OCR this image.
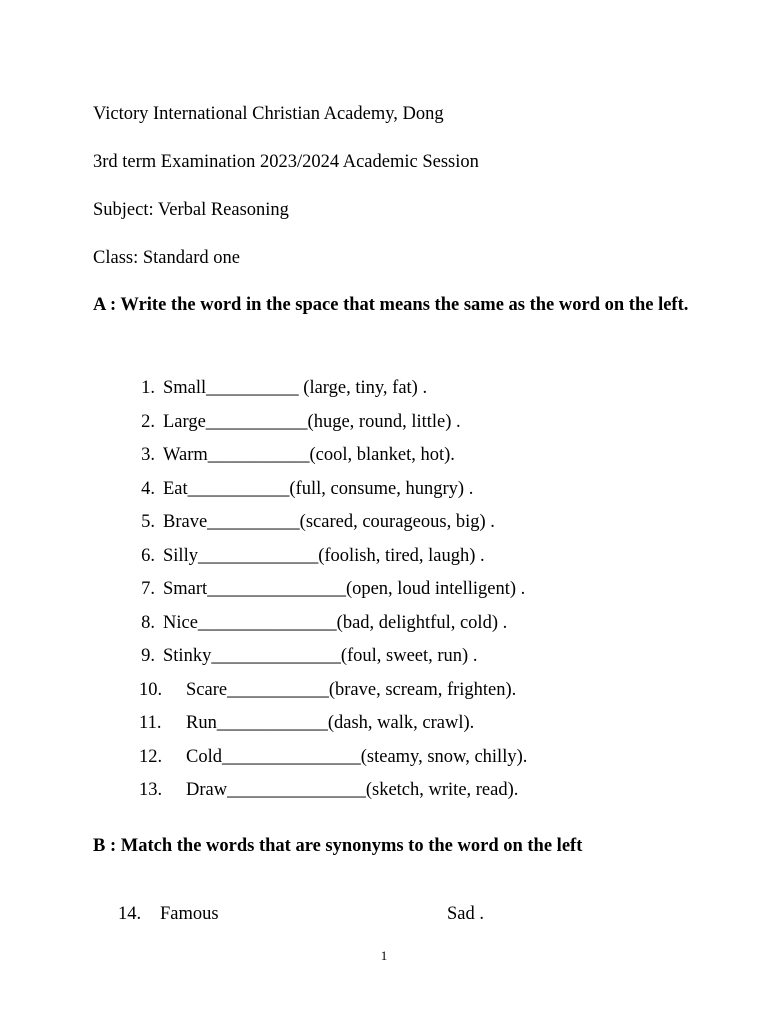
Victory International Christian Academy, Dong
3rd term Examination 2023/2024 Academic Session
Subject: Verbal Reasoning
Class: Standard one
A : Write the word in the space that means the same as the word on the left.
1. Small__________ (large, tiny, fat) .
2. Large___________(huge, round, little) .
3. Warm___________(cool, blanket, hot).
4. Eat___________(full, consume, hungry) .
5. Brave__________(scared, courageous, big) .
6. Silly_____________(foolish, tired, laugh) .
7. Smart_______________(open, loud intelligent) .
8. Nice_______________(bad, delightful, cold) .
9. Stinky______________(foul, sweet, run) .
10. Scare___________(brave, scream, frighten).
11. Run____________(dash, walk, crawl).
12. Cold_______________(steamy, snow, chilly).
13. Draw_______________(sketch, write, read).
B : Match the words that are synonyms to the word on the left
14. Famous	Sad .
1
